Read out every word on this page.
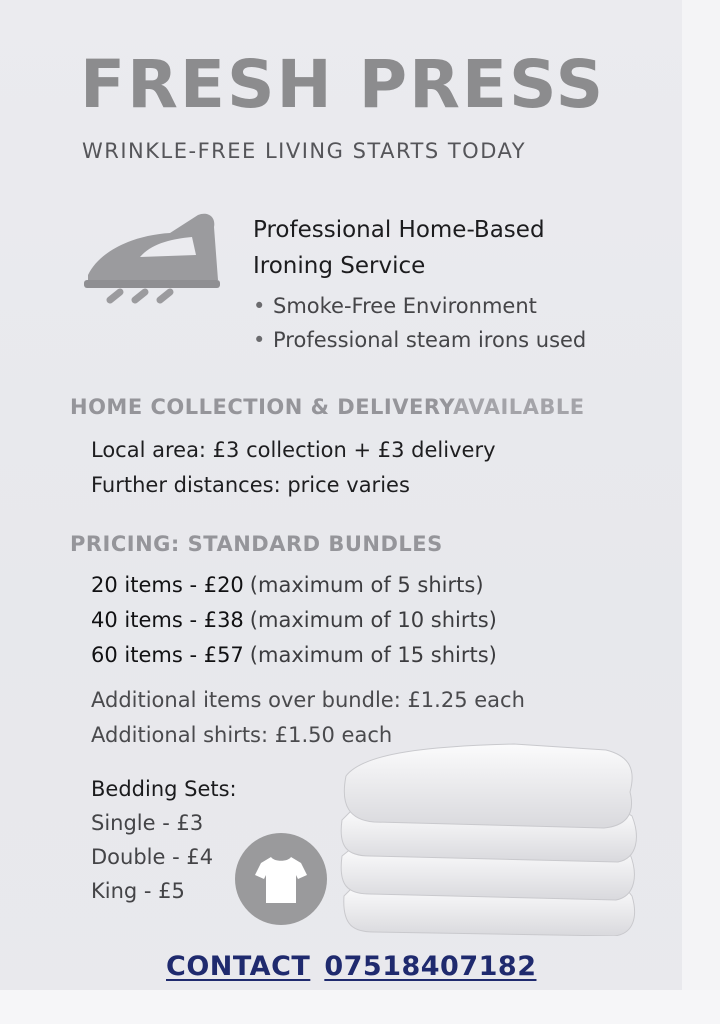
FRESH PRESS
WRINKLE-FREE LIVING STARTS TODAY
Professional Home-Based
Ironing Service
• Smoke-Free Environment
• Professional steam irons used
HOME COLLECTION & DELIVERYAVAILABLE
Local area: £3 collection + £3 delivery
Further distances: price varies
PRICING: STANDARD BUNDLES
20 items - £20 (maximum of 5 shirts)
40 items - £38 (maximum of 10 shirts)
60 items - £57 (maximum of 15 shirts)
Additional items over bundle: £1.25 each
Additional shirts: £1.50 each
Bedding Sets:
Single - £3
Double - £4
King - £5
CONTACT 07518407182
